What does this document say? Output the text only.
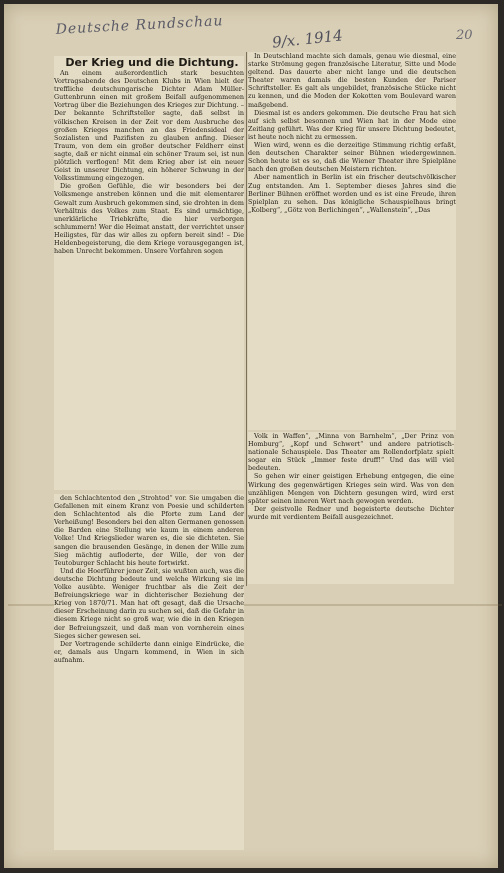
Deutsche Rundschau
9/x. 1914	20

Der Krieg und die Dichtung.

An einem außerordentlich stark besuchten Vortragsabende des Deutschen Klubs in Wien hielt der treffliche deutschungarische Dichter Adam Müller-Guttenbrunn einen mit großem Beifall aufgenommenen Vortrag über die Beziehungen des Krieges zur Dichtung. – Der bekannte Schriftsteller sagte, daß selbst in völkischen Kreisen in der Zeit vor dem Ausbruche des großen Krieges manchen an das Friedensideal der Sozialisten und Pazifisten zu glauben anfing. Dieser Traum, von dem ein großer deutscher Feldherr einst sagte, daß er nicht einmal ein schöner Traum sei, ist nun plötzlich verflogen! Mit dem Krieg aber ist ein neuer Geist in unserer Dichtung, ein höherer Schwung in der Volksstimmung eingezogen.

Die großen Gefühle, die wir besonders bei der Volksmenge anstreben können und die mit elementarer Gewalt zum Ausbruch gekommen sind, sie drohten in dem Verhältnis des Volkes zum Staat. Es sind urmächtige, unerklärliche Triebkräfte, die hier verborgen schlummern! Wer die Heimat anstatt, der verrichtet unser Heiligstes, für das wir alles zu opfern bereit sind! – Die Heldenbegeisterung, die dem Kriege vorausgegangen ist, haben Unrecht bekommen. Unsere Vorfahren sogen

den Schlachtentod den „Strohtod“ vor. Sie umgaben die Gefallenen mit einem Kranz von Poesie und schilderten den Schlachtentod als die Pforte zum Land der Verheißung! Besonders bei den alten Germanen genossen die Barden eine Stellung wie kaum in einem anderen Volke! Und Kriegslieder waren es, die sie dichteten. Sie sangen die brausenden Gesänge, in denen der Wille zum Sieg mächtig aufloderte, der Wille, der von der Teutoburger Schlacht bis heute fortwirkt.

Und die Hoerführer jener Zeit, sie wußten auch, was die deutsche Dichtung bedeute und welche Wirkung sie im Volke ausübte. Weniger fruchtbar als die Zeit der Befreiungskriege war in dichterischer Beziehung der Krieg von 1870/71. Man hat oft gesagt, daß die Ursache dieser Erscheinung darin zu suchen sei, daß die Gefahr in diesem Kriege nicht so groß war, wie die in den Kriegen der Befreiungszeit, und daß man von vornherein eines Sieges sicher gewesen sei.

Der Vortragende schilderte dann einige Eindrücke, die er, damals aus Ungarn kommend, in Wien in sich aufnahm.

In Deutschland machte sich damals, genau wie diesmal, eine starke Strömung gegen französische Literatur, Sitte und Mode geltend. Das dauerte aber nicht lange und die deutschen Theater waren damals die besten Kunden der Pariser Schriftsteller. Es galt als ungebildet, französische Stücke nicht zu kennen, und die Moden der Kokotten vom Boulevard waren maßgebend.

Diesmal ist es anders gekommen. Die deutsche Frau hat sich auf sich selbst besonnen und Wien hat in der Mode eine Zeitlang geführt. Was der Krieg für unsere Dichtung bedeutet, ist heute noch nicht zu ermessen.

Wien wird, wenn es die derzeitige Stimmung richtig erfaßt, den deutschen Charakter seiner Bühnen wiedergewinnen. Schon heute ist es so, daß die Wiener Theater ihre Spielpläne nach den großen deutschen Meistern richten.

Aber namentlich in Berlin ist ein frischer deutschvölkischer Zug entstanden. Am 1. September dieses Jahres sind die Berliner Bühnen eröffnet worden und es ist eine Freude, ihren Spielplan zu sehen. Das königliche Schauspielhaus bringt „Kolberg“, „Götz von Berlichingen“, „Wallenstein“, „Das

Volk in Waffen“, „Minna von Barnhelm“, „Der Prinz von Homburg“, „Kopf und Schwert“ und andere patriotisch-nationale Schauspiele. Das Theater am Rollendorfplatz spielt sogar ein Stück „Immer feste druff!“ Und das will viel bedeuten.

So gehen wir einer geistigen Erhebung entgegen, die eine Wirkung des gegenwärtigen Krieges sein wird. Was von den unzähligen Mengen von Dichtern gesungen wird, wird erst später seinen inneren Wert nach gewogen werden.

Der geistvolle Redner und begeisterte deutsche Dichter wurde mit verdientem Beifall ausgezeichnet.
